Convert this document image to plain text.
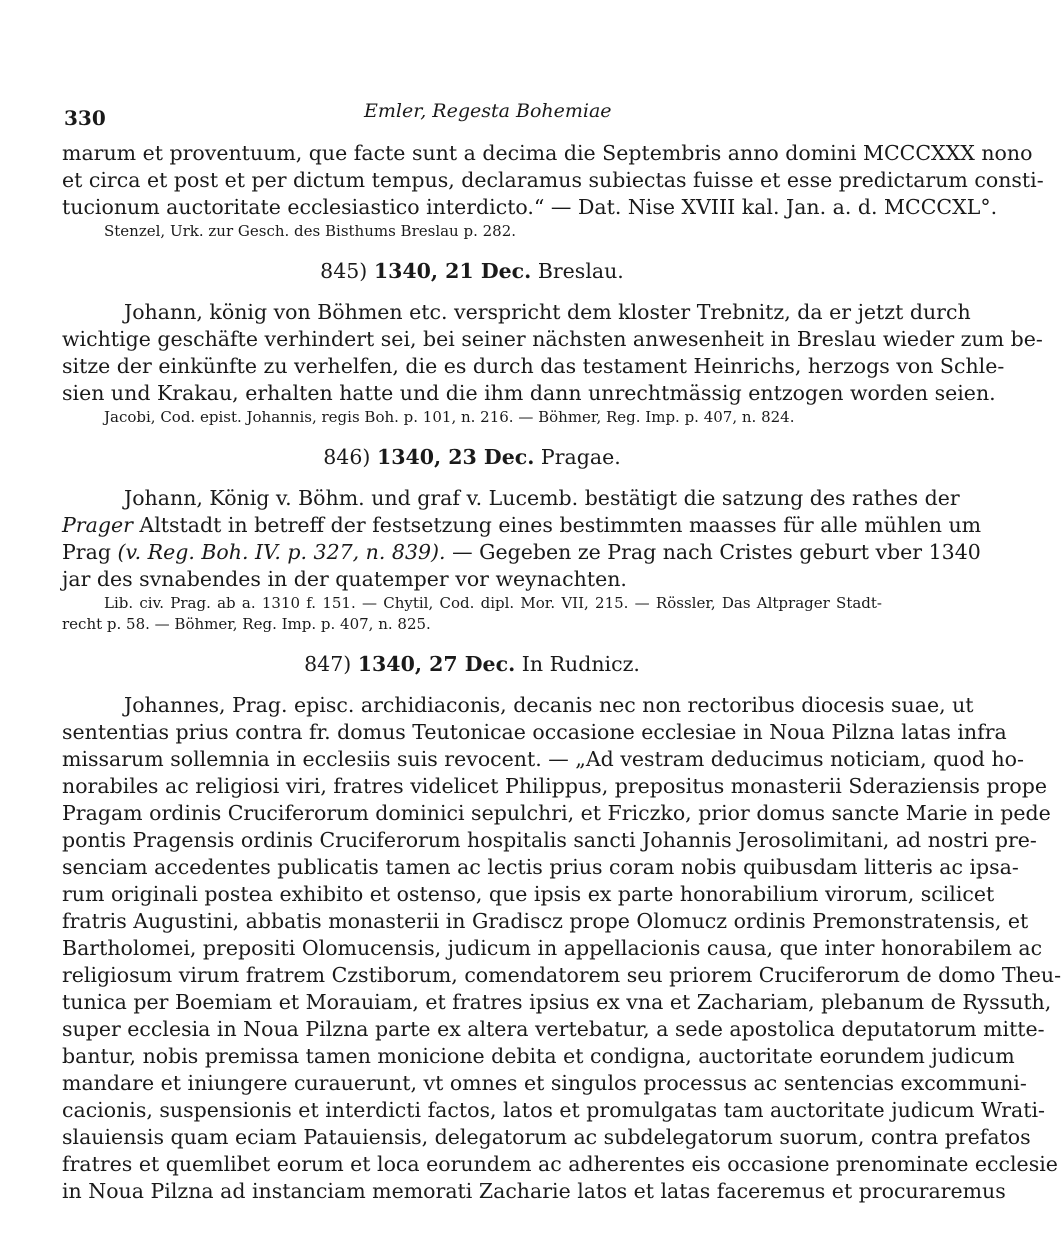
330	Emler, Regesta Bohemiae
marum et proventuum, que facte sunt a decima die Septembris anno domini MCCCXXX nono
et circa et post et per dictum tempus, declaramus subiectas fuisse et esse predictarum consti-
tucionum auctoritate ecclesiastico interdicto.“ — Dat. Nise XVIII kal. Jan. a. d. MCCCXL°.
Stenzel, Urk. zur Gesch. des Bisthums Breslau p. 282.
845) 1340, 21 Dec. Breslau.
Johann, könig von Böhmen etc. verspricht dem kloster Trebnitz, da er jetzt durch
wichtige geschäfte verhindert sei, bei seiner nächsten anwesenheit in Breslau wieder zum be-
sitze der einkünfte zu verhelfen, die es durch das testament Heinrichs, herzogs von Schle-
sien und Krakau, erhalten hatte und die ihm dann unrechtmässig entzogen worden seien.
Jacobi, Cod. epist. Johannis, regis Boh. p. 101, n. 216. — Böhmer, Reg. Imp. p. 407, n. 824.
846) 1340, 23 Dec. Pragae.
Johann, König v. Böhm. und graf v. Lucemb. bestätigt die satzung des rathes der
Prager Altstadt in betreff der festsetzung eines bestimmten maasses für alle mühlen um
Prag (v. Reg. Boh. IV. p. 327, n. 839). — Gegeben ze Prag nach Cristes geburt vber 1340
jar des svnabendes in der quatemper vor weynachten.
Lib. civ. Prag. ab a. 1310 f. 151. — Chytil, Cod. dipl. Mor. VII, 215. — Rössler, Das Altprager Stadt-
recht p. 58. — Böhmer, Reg. Imp. p. 407, n. 825.
847) 1340, 27 Dec. In Rudnicz.
Johannes, Prag. episc. archidiaconis, decanis nec non rectoribus diocesis suae, ut
sententias prius contra fr. domus Teutonicae occasione ecclesiae in Noua Pilzna latas infra
missarum sollemnia in ecclesiis suis revocent. — „Ad vestram deducimus noticiam, quod ho-
norabiles ac religiosi viri, fratres videlicet Philippus, prepositus monasterii Sderaziensis prope
Pragam ordinis Cruciferorum dominici sepulchri, et Friczko, prior domus sancte Marie in pede
pontis Pragensis ordinis Cruciferorum hospitalis sancti Johannis Jerosolimitani, ad nostri pre-
senciam accedentes publicatis tamen ac lectis prius coram nobis quibusdam litteris ac ipsa-
rum originali postea exhibito et ostenso, que ipsis ex parte honorabilium virorum, scilicet
fratris Augustini, abbatis monasterii in Gradiscz prope Olomucz ordinis Premonstratensis, et
Bartholomei, prepositi Olomucensis, judicum in appellacionis causa, que inter honorabilem ac
religiosum virum fratrem Czstiborum, comendatorem seu priorem Cruciferorum de domo Theu-
tunica per Boemiam et Morauiam, et fratres ipsius ex vna et Zachariam, plebanum de Ryssuth,
super ecclesia in Noua Pilzna parte ex altera vertebatur, a sede apostolica deputatorum mitte-
bantur, nobis premissa tamen monicione debita et condigna, auctoritate eorundem judicum
mandare et iniungere curauerunt, vt omnes et singulos processus ac sentencias excommuni-
cacionis, suspensionis et interdicti factos, latos et promulgatas tam auctoritate judicum Wrati-
slauiensis quam eciam Patauiensis, delegatorum ac subdelegatorum suorum, contra prefatos
fratres et quemlibet eorum et loca eorundem ac adherentes eis occasione prenominate ecclesie
in Noua Pilzna ad instanciam memorati Zacharie latos et latas faceremus et procuraremus
